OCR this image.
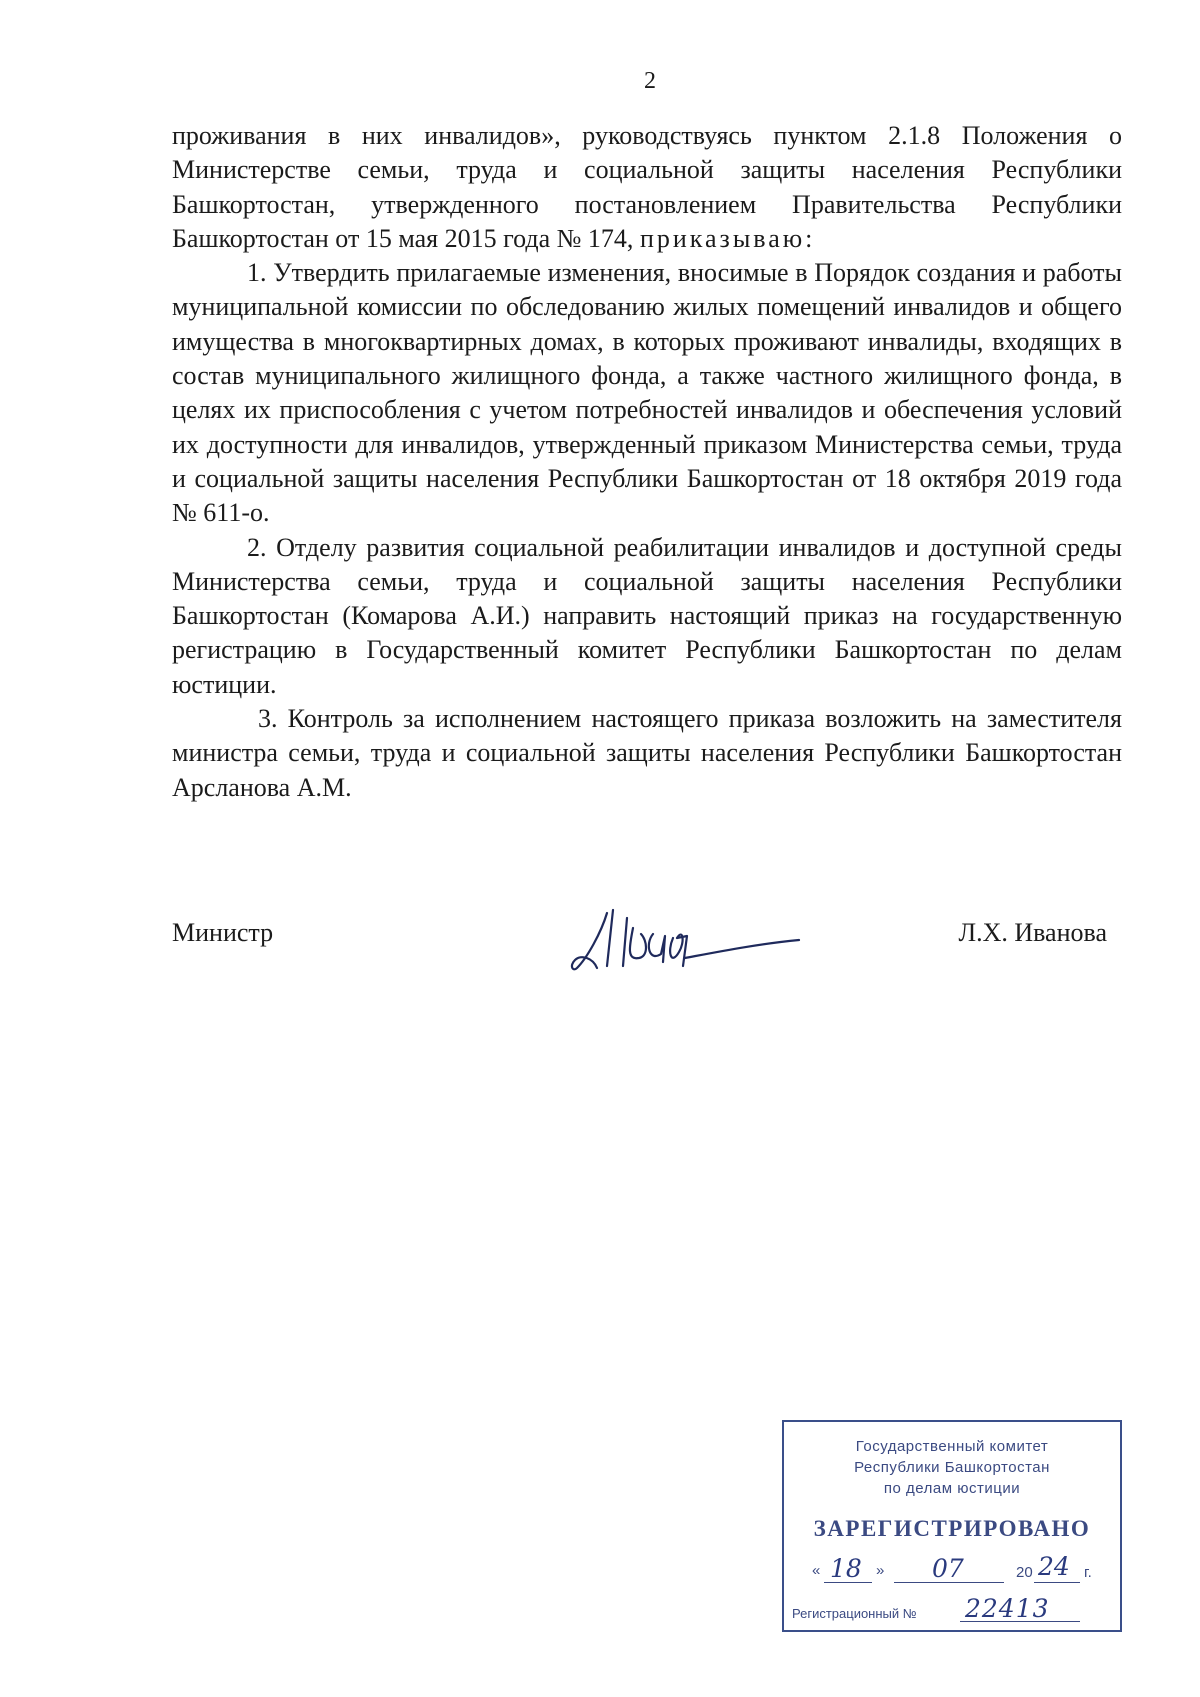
2

проживания в них инвалидов», руководствуясь пунктом 2.1.8 Положения о Министерстве семьи, труда и социальной защиты населения Республики Башкортостан, утвержденного постановлением Правительства Республики Башкортостан от 15 мая 2015 года № 174, приказываю:

1. Утвердить прилагаемые изменения, вносимые в Порядок создания и работы муниципальной комиссии по обследованию жилых помещений инвалидов и общего имущества в многоквартирных домах, в которых проживают инвалиды, входящих в состав муниципального жилищного фонда, а также частного жилищного фонда, в целях их приспособления с учетом потребностей инвалидов и обеспечения условий их доступности для инвалидов, утвержденный приказом Министерства семьи, труда и социальной защиты населения Республики Башкортостан от 18 октября 2019 года № 611-о.

2. Отделу развития социальной реабилитации инвалидов и доступной среды Министерства семьи, труда и социальной защиты населения Республики Башкортостан (Комарова А.И.) направить настоящий приказ на государственную регистрацию в Государственный комитет Республики Башкортостан по делам юстиции.

3. Контроль за исполнением настоящего приказа возложить на заместителя министра семьи, труда и социальной защиты населения Республики Башкортостан Арсланова А.М.

Министр	Л.Х. Иванова
Государственный комитет
Республики Башкортостан
по делам юстиции
ЗАРЕГИСТРИРОВАНО
« 18 » 07	20 24 г.
Регистрационный № 22413
